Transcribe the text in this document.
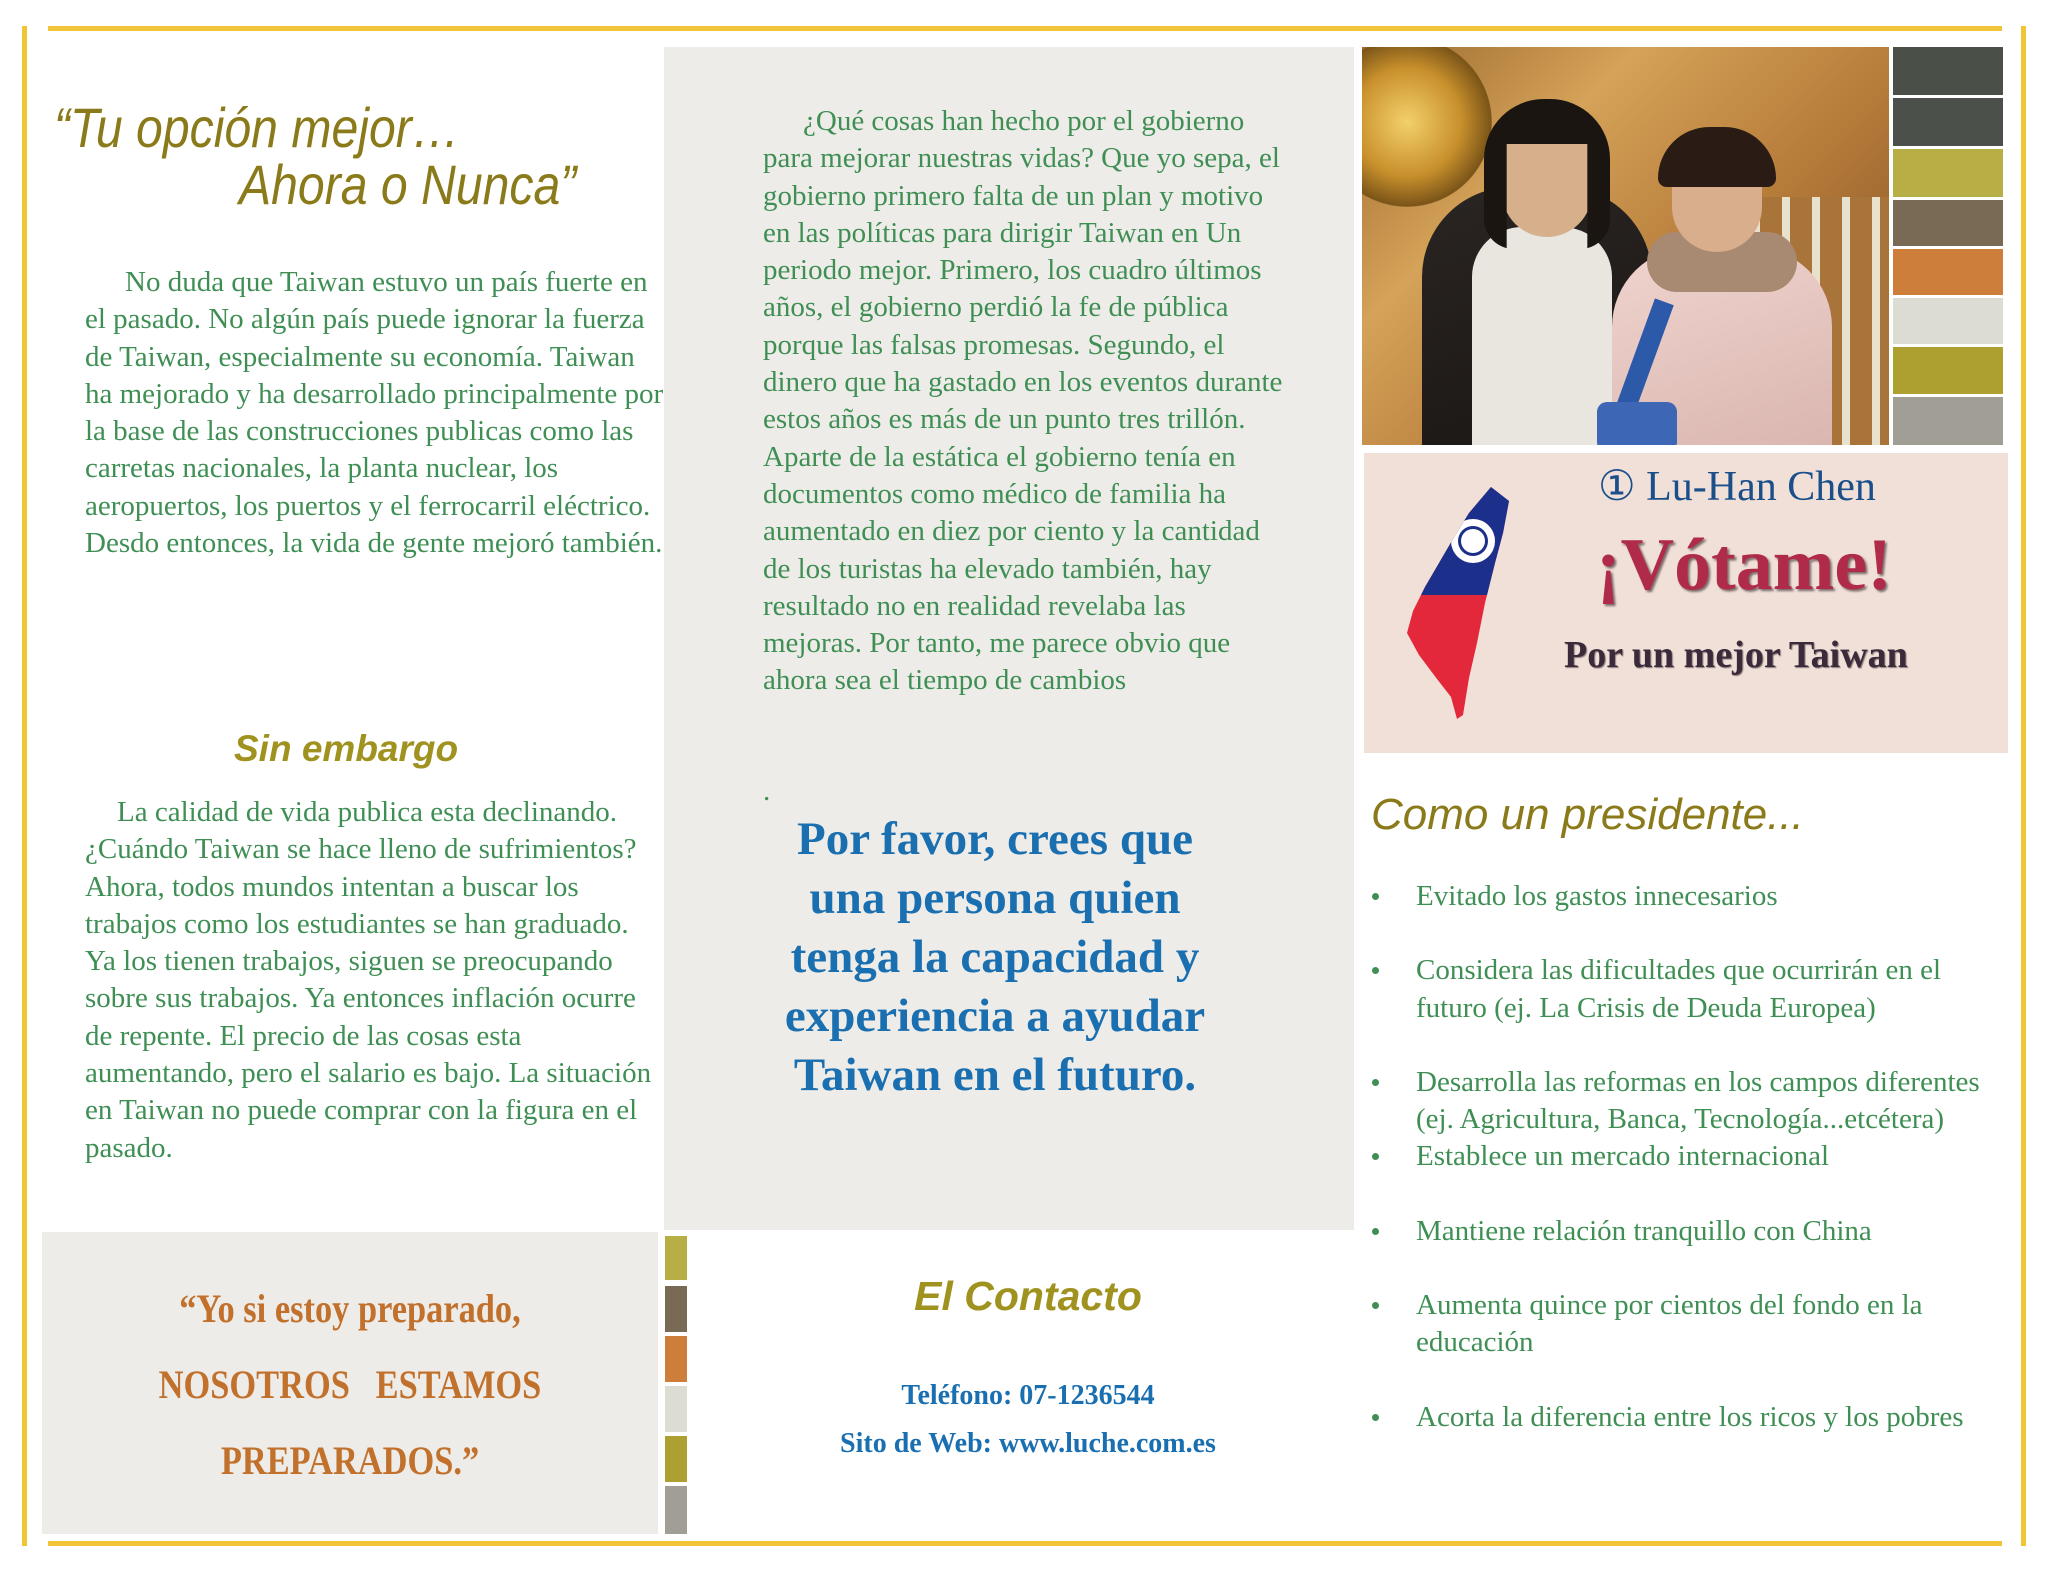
“Tu opción mejor…
Ahora o Nunca”
No duda que Taiwan estuvo un país fuerte en el pasado. No algún país puede ignorar la fuerza de Taiwan, especialmente su economía. Taiwan ha mejorado y ha desarrollado principalmente por la base de las construcciones publicas como las carretas nacionales, la planta nuclear, los aeropuertos, los puertos y el ferrocarril eléctrico. Desdo entonces, la vida de gente mejoró también.
Sin embargo
La calidad de vida publica esta declinando. ¿Cuándo Taiwan se hace lleno de sufrimientos? Ahora, todos mundos intentan a buscar los trabajos como los estudiantes se han graduado. Ya los tienen trabajos, siguen se preocupando sobre sus trabajos. Ya entonces inflación ocurre de repente. El precio de las cosas esta aumentando, pero el salario es bajo. La situación en Taiwan no puede comprar con la figura en el pasado.
“Yo si estoy preparado,
NOSOTROS   ESTAMOS
PREPARADOS.”
¿Qué cosas han hecho por el gobierno para mejorar nuestras vidas? Que yo sepa, el gobierno primero falta de un plan y motivo en las políticas para dirigir Taiwan en Un periodo mejor. Primero, los cuadro últimos años, el gobierno perdió la fe de pública porque las falsas promesas. Segundo, el dinero que ha gastado en los eventos durante estos años es más de un punto tres trillón. Aparte de la estática el gobierno tenía en documentos como médico de familia ha aumentado en diez por ciento y la cantidad de los turistas ha elevado también, hay resultado no en realidad revelaba las mejoras. Por tanto, me parece obvio que ahora sea el tiempo de cambios
.
Por favor, crees que una persona quien tenga la capacidad y experiencia a ayudar Taiwan en el futuro.
El Contacto
Teléfono: 07-1236544
Sito de Web: www.luche.com.es
① Lu-Han Chen
¡Vótame!
Por un mejor Taiwan
Como un presidente...
Evitado los gastos innecesarios
Considera las dificultades que ocurrirán en el futuro (ej. La Crisis de Deuda Europea)
Desarrolla las reformas en los campos diferentes (ej. Agricultura, Banca, Tecnología...etcétera)
Establece un mercado internacional
Mantiene relación tranquillo con China
Aumenta quince por cientos del fondo en la educación
Acorta la diferencia entre los ricos y los pobres
